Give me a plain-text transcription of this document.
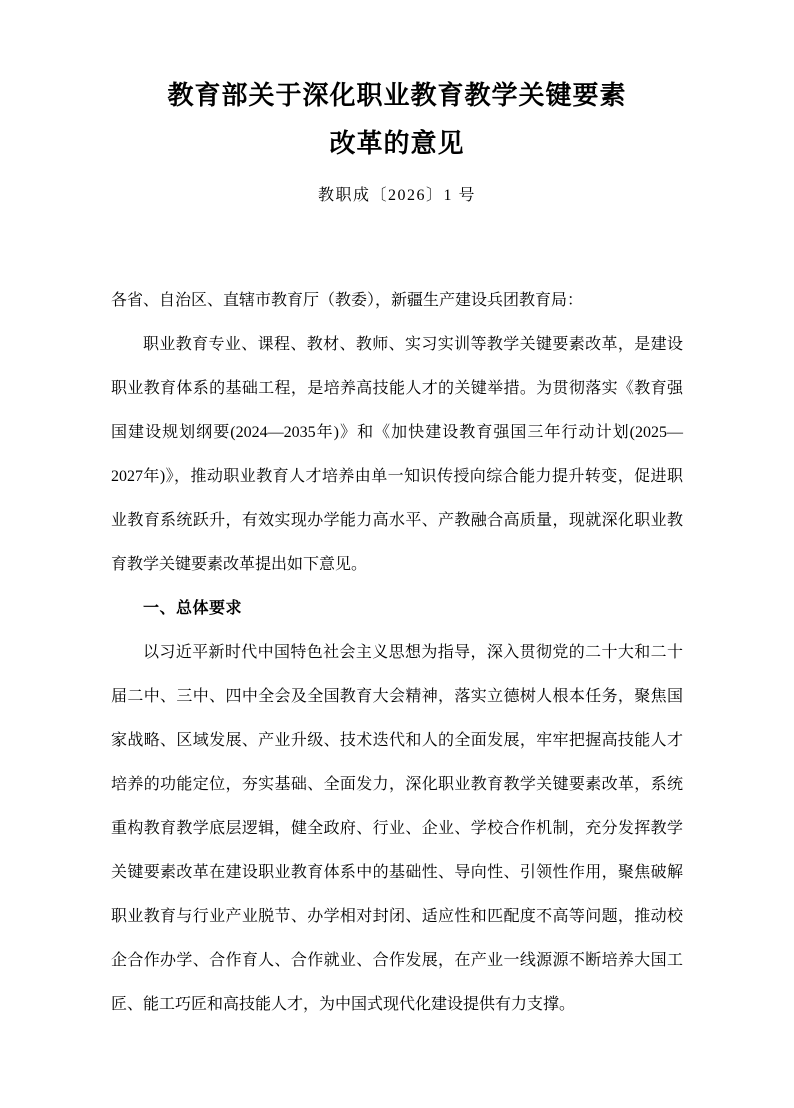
教育部关于深化职业教育教学关键要素
改革的意见
教职成〔2026〕1 号
各省、自治区、直辖市教育厅（教委），新疆生产建设兵团教育局：
职业教育专业、课程、教材、教师、实习实训等教学关键要素改革，是建设
职业教育体系的基础工程，是培养高技能人才的关键举措。为贯彻落实《教育强
国建设规划纲要(2024—2035年)》和《加快建设教育强国三年行动计划(2025—
2027年)》，推动职业教育人才培养由单一知识传授向综合能力提升转变，促进职
业教育系统跃升，有效实现办学能力高水平、产教融合高质量，现就深化职业教
育教学关键要素改革提出如下意见。
一、总体要求
以习近平新时代中国特色社会主义思想为指导，深入贯彻党的二十大和二十
届二中、三中、四中全会及全国教育大会精神，落实立德树人根本任务，聚焦国
家战略、区域发展、产业升级、技术迭代和人的全面发展，牢牢把握高技能人才
培养的功能定位，夯实基础、全面发力，深化职业教育教学关键要素改革，系统
重构教育教学底层逻辑，健全政府、行业、企业、学校合作机制，充分发挥教学
关键要素改革在建设职业教育体系中的基础性、导向性、引领性作用，聚焦破解
职业教育与行业产业脱节、办学相对封闭、适应性和匹配度不高等问题，推动校
企合作办学、合作育人、合作就业、合作发展，在产业一线源源不断培养大国工
匠、能工巧匠和高技能人才，为中国式现代化建设提供有力支撑。
